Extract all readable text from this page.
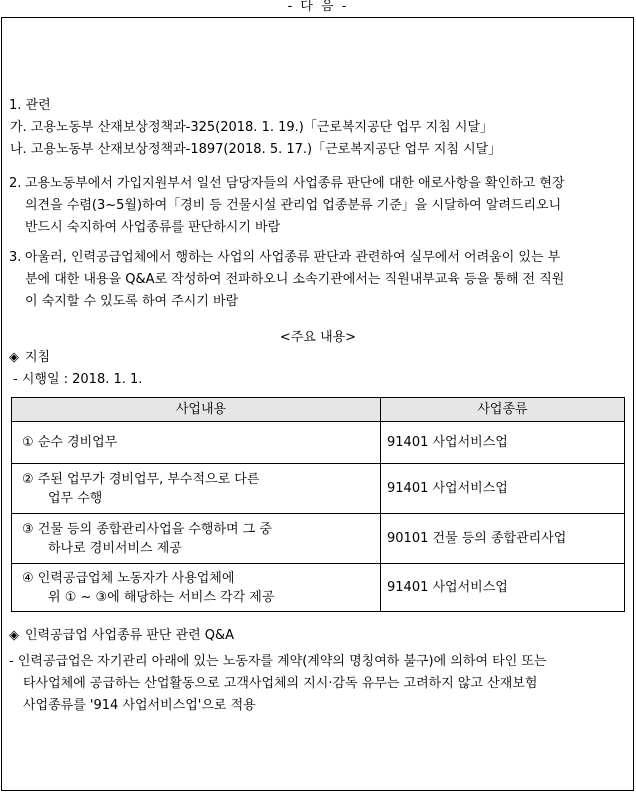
- 다 음 -
1. 관련
가. 고용노동부 산재보상정책과-325(2018. 1. 19.)「근로복지공단 업무 지침 시달」
나. 고용노동부 산재보상정책과-1897(2018. 5. 17.)「근로복지공단 업무 지침 시달」
2. 고용노동부에서 가입지원부서 일선 담당자들의 사업종류 판단에 대한 애로사항을 확인하고 현장
의견을 수렴(3~5월)하여「경비 등 건물시설 관리업 업종분류 기준」을 시달하여 알려드리오니
반드시 숙지하여 사업종류를 판단하시기 바람
3. 아울러, 인력공급업체에서 행하는 사업의 사업종류 판단과 관련하여 실무에서 어려움이 있는 부
분에 대한 내용을 Q&A로 작성하여 전파하오니 소속기관에서는 직원내부교육 등을 통해 전 직원
이 숙지할 수 있도록 하여 주시기 바람
<주요 내용>
◈ 지침
- 시행일 : 2018. 1. 1.
사업내용	사업종류
① 순수 경비업무	91401 사업서비스업

② 주된 업무가 경비업무, 부수적으로 다른
업무 수행	91401 사업서비스업

③ 건물 등의 종합관리사업을 수행하며 그 중
하나로 경비서비스 제공	90101 건물 등의 종합관리사업

④ 인력공급업체 노동자가 사용업체에
위 ① ~ ③에 해당하는 서비스 각각 제공	91401 사업서비스업
◈ 인력공급업 사업종류 판단 관련 Q&A
- 인력공급업은 자기관리 아래에 있는 노동자를 계약(계약의 명칭여하 불구)에 의하여 타인 또는
타사업체에 공급하는 산업활동으로 고객사업체의 지시·감독 유무는 고려하지 않고 산재보험
사업종류를 '914 사업서비스업'으로 적용
